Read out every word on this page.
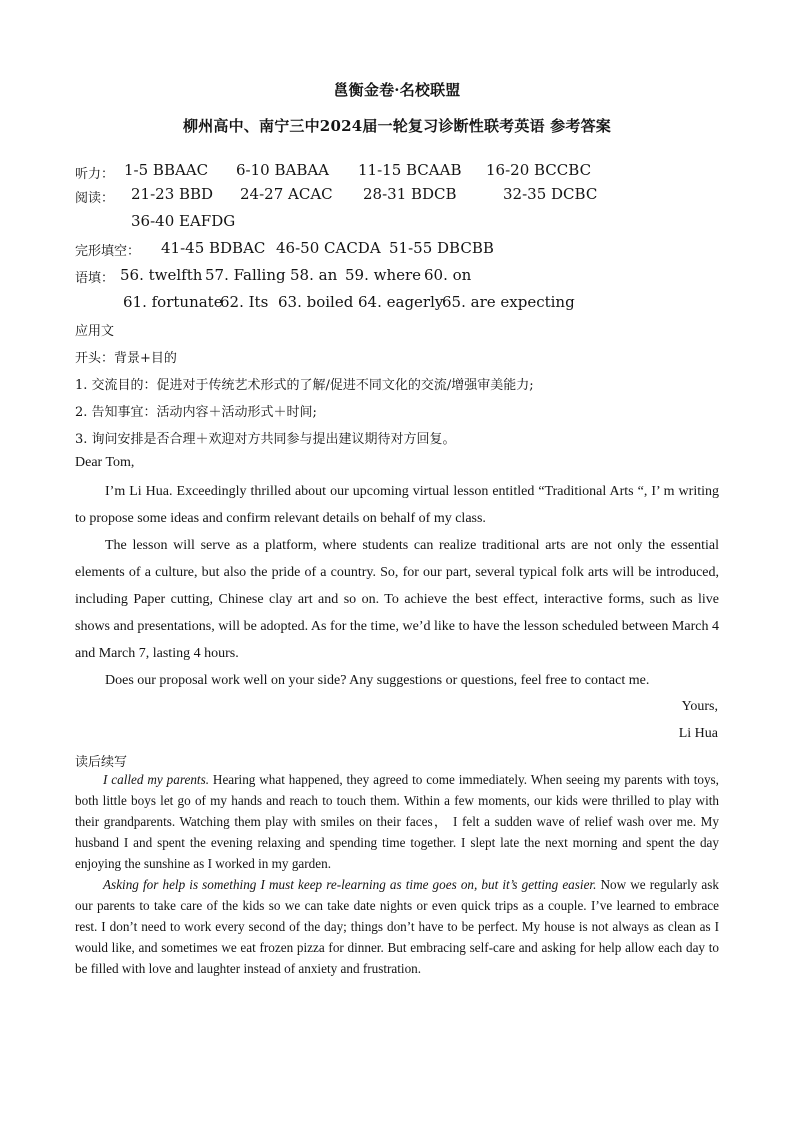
邕衡金卷·名校联盟
柳州高中、南宁三中2024届一轮复习诊断性联考英语 参考答案
听力： 1-5 BBAAC 6-10 BABAA 11-15 BCAAB 16-20 BCCBC
阅读： 21-23 BBD 24-27 ACAC 28-31 BDCB	32-35 DCBC
36-40 EAFDG
完形填空： 41-45 BDBAC 46-50 CACDA 51-55 DBCBB
语填： 56. twelfth 57. Falling 58. an 59. where 60. on
61. fortunate
62. Its 63. boiled 64. eagerly
65. are expecting
应用文
开头：背景+目的
1. 交流目的：促进对于传统艺术形式的了解/促进不同文化的交流/增强审美能力;
2. 告知事宜：活动内容＋活动形式＋时间;
3. 询问安排是否合理＋欢迎对方共同参与提出建议期待对方回复。
Dear Tom,
I’m Li Hua. Exceedingly thrilled about our upcoming virtual lesson entitled “Traditional Arts “, I’ m writing to propose some ideas and confirm relevant details on behalf of my class.
The lesson will serve as a platform, where students can realize traditional arts are not only the essential elements of a culture, but also the pride of a country. So, for our part, several typical folk arts will be introduced, including Paper cutting, Chinese clay art and so on. To achieve the best effect, interactive forms, such as live shows and presentations, will be adopted. As for the time, we’d like to have the lesson scheduled between March 4 and March 7, lasting 4 hours.
Does our proposal work well on your side? Any suggestions or questions, feel free to contact me.
Yours,
Li Hua
读后续写
I called my parents. Hearing what happened, they agreed to come immediately. When seeing my parents with toys, both little boys let go of my hands and reach to touch them. Within a few moments, our kids were thrilled to play with their grandparents. Watching them play with smiles on their faces， I felt a sudden wave of relief wash over me. My husband I and spent the evening relaxing and spending time together. I slept late the next morning and spent the day enjoying the sunshine as I worked in my garden.
Asking for help is something I must keep re-learning as time goes on, but it’s getting easier. Now we regularly ask our parents to take care of the kids so we can take date nights or even quick trips as a couple. I’ve learned to embrace rest. I don’t need to work every second of the day; things don’t have to be perfect. My house is not always as clean as I would like, and sometimes we eat frozen pizza for dinner. But embracing self-care and asking for help allow each day to be filled with love and laughter instead of anxiety and frustration.
